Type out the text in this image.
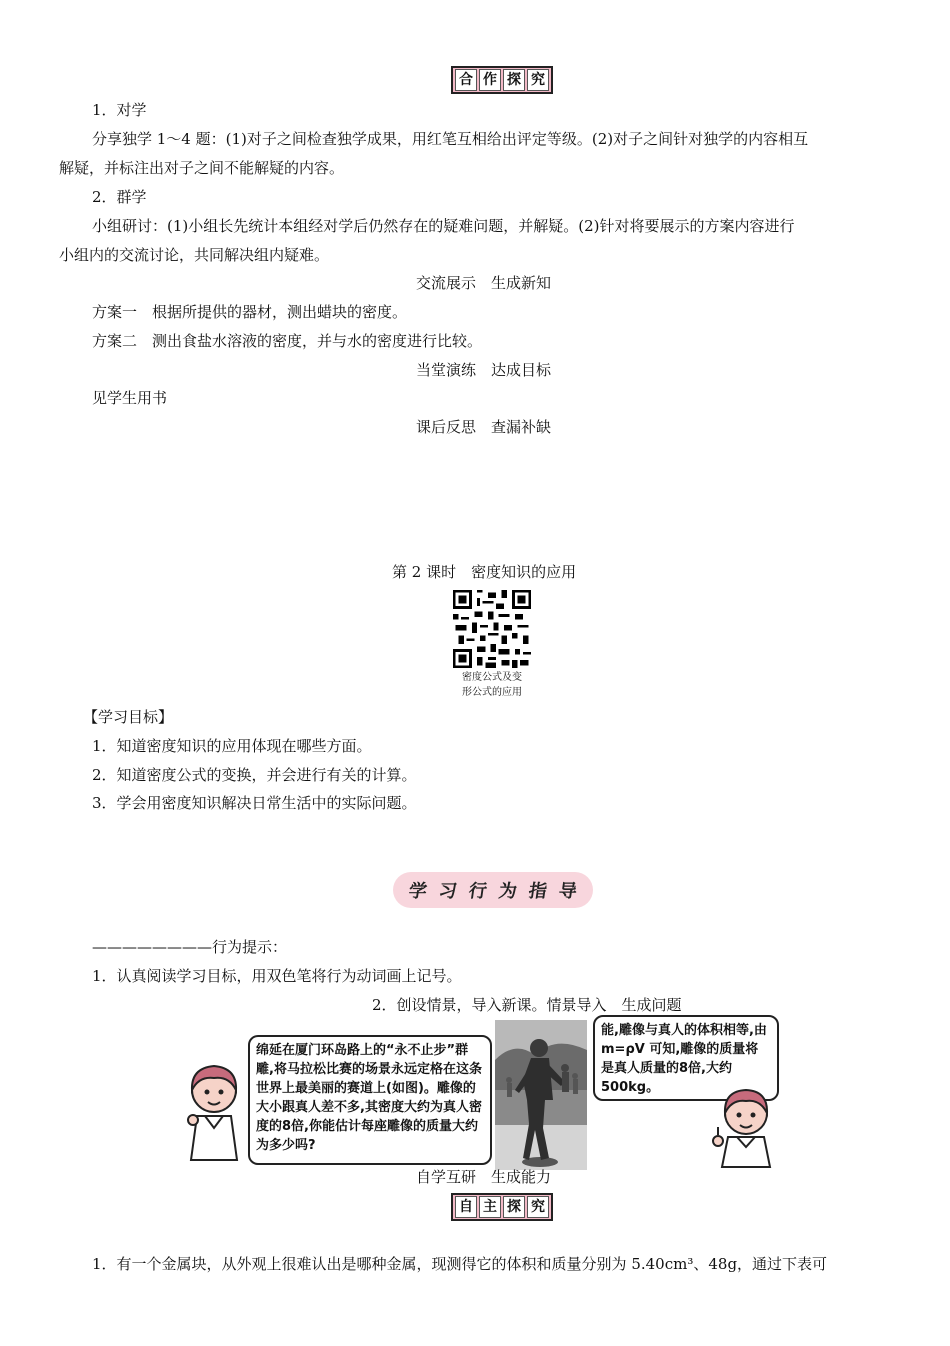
合 作 探 究
1．对学
分享独学 1～4 题：(1)对子之间检查独学成果，用红笔互相给出评定等级。(2)对子之间针对独学的内容相互
解疑，并标注出对子之间不能解疑的内容。
2．群学
小组研讨：(1)小组长先统计本组经对学后仍然存在的疑难问题，并解疑。(2)针对将要展示的方案内容进行
小组内的交流讨论，共同解决组内疑难。
交流展示　生成新知
方案一　根据所提供的器材，测出蜡块的密度。
方案二　测出食盐水溶液的密度，并与水的密度进行比较。
当堂演练　达成目标
见学生用书
课后反思　查漏补缺
第 2 课时　密度知识的应用
密度公式及变
形公式的应用
【学习目标】
1．知道密度知识的应用体现在哪些方面。
2．知道密度公式的变换，并会进行有关的计算。
3．学会用密度知识解决日常生活中的实际问题。
学 习 行 为 指 导
————————行为提示：
1．认真阅读学习目标，用双色笔将行为动词画上记号。
2．创设情景，导入新课。情景导入　生成问题
绵延在厦门环岛路上的“永不止步”群雕,将马拉松比赛的场景永远定格在这条世界上最美丽的赛道上(如图)。雕像的大小跟真人差不多,其密度大约为真人密度的8倍,你能估计每座雕像的质量大约为多少吗?
能,雕像与真人的体积相等,由m=ρV 可知,雕像的质量将是真人质量的8倍,大约500kg。
自学互研　生成能力
自 主 探 究
1．有一个金属块，从外观上很难认出是哪种金属，现测得它的体积和质量分别为 5.40cm³、48g，通过下表可
